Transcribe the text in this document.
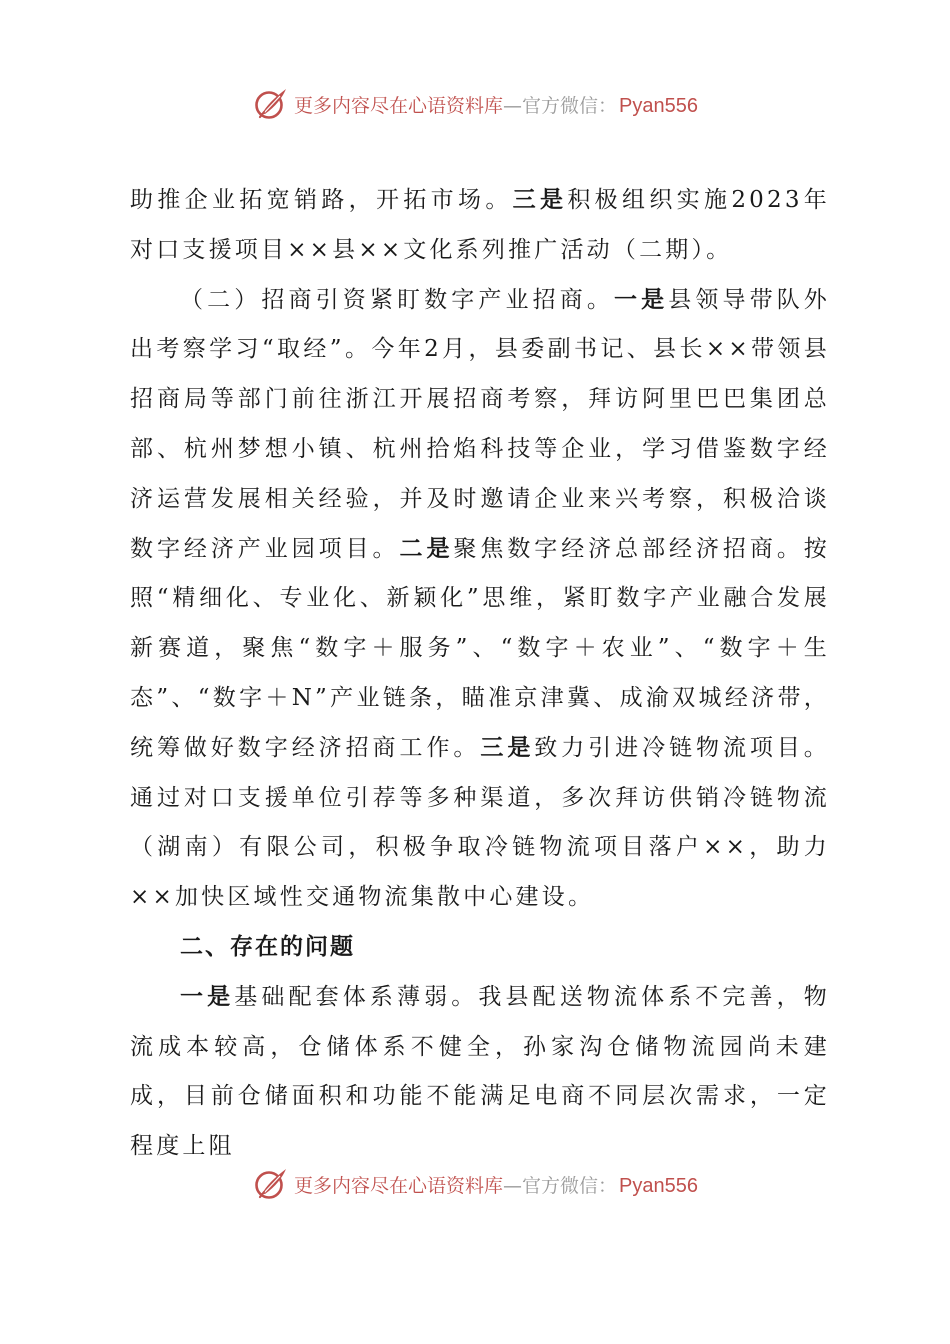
更多内容尽在心语资料库 — 官方微信： Pyan556

助推企业拓宽销路，开拓市场。三是积极组织实施2023年对口支援项目××县××文化系列推广活动（二期）。

（二）招商引资紧盯数字产业招商。一是县领导带队外出考察学习“取经”。今年2月，县委副书记、县长××带领县招商局等部门前往浙江开展招商考察，拜访阿里巴巴集团总部、杭州梦想小镇、杭州拾焰科技等企业，学习借鉴数字经济运营发展相关经验，并及时邀请企业来兴考察，积极洽谈数字经济产业园项目。二是聚焦数字经济总部经济招商。按照“精细化、专业化、新颖化”思维，紧盯数字产业融合发展新赛道，聚焦“数字＋服务”、“数字＋农业”、“数字＋生态”、“数字＋N”产业链条，瞄准京津冀、成渝双城经济带，统筹做好数字经济招商工作。三是致力引进冷链物流项目。通过对口支援单位引荐等多种渠道，多次拜访供销冷链物流（湖南）有限公司，积极争取冷链物流项目落户××，助力××加快区域性交通物流集散中心建设。

二、存在的问题

一是基础配套体系薄弱。我县配送物流体系不完善，物流成本较高，仓储体系不健全，孙家沟仓储物流园尚未建成，目前仓储面积和功能不能满足电商不同层次需求，一定程度上阻

更多内容尽在心语资料库 — 官方微信： Pyan556
